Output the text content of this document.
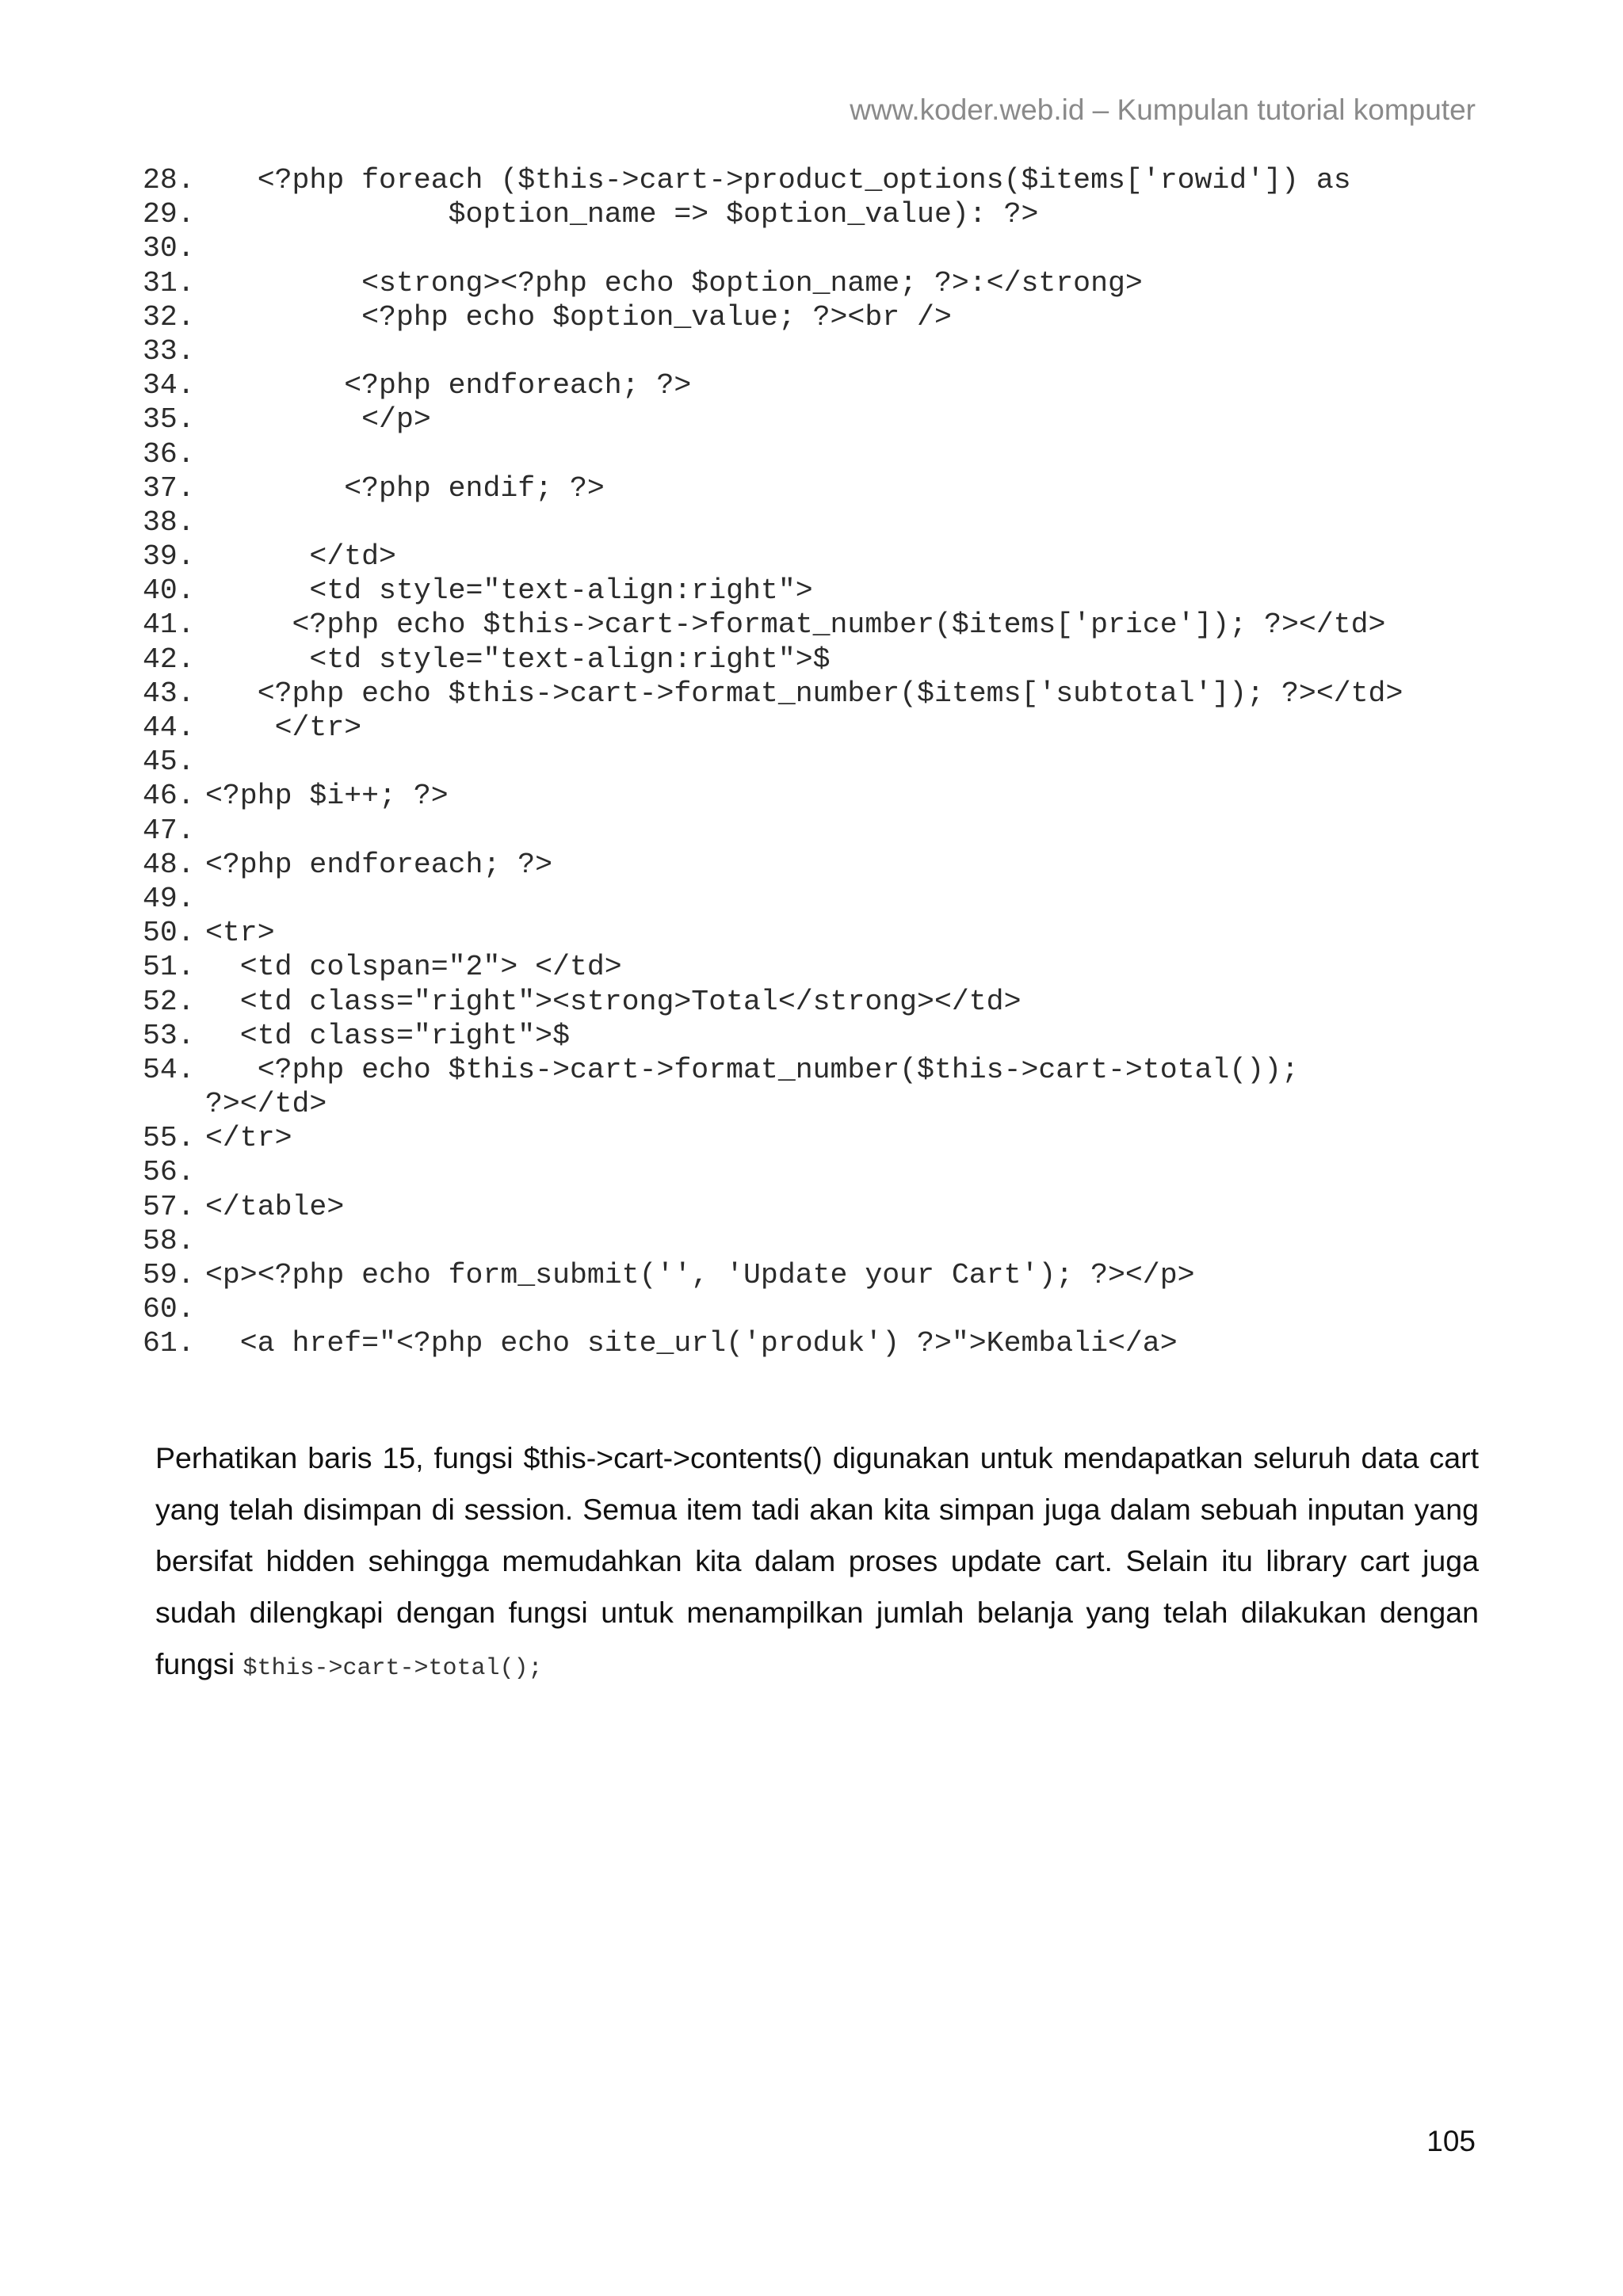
www.koder.web.id – Kumpulan tutorial komputer
28. <?php foreach ($this->cart->product_options($items['rowid']) as
29. $option_name => $option_value): ?>
30.
31. <strong><?php echo $option_name; ?>:</strong>
32. <?php echo $option_value; ?><br />
33.
34. <?php endforeach; ?>
35. </p>
36.
37. <?php endif; ?>
38.
39. </td>
40. <td style="text-align:right">
41. <?php echo $this->cart->format_number($items['price']); ?></td>
42. <td style="text-align:right">$
43. <?php echo $this->cart->format_number($items['subtotal']); ?></td>
44. </tr>
45.
46. <?php $i++; ?>
47.
48. <?php endforeach; ?>
49.
50. <tr>
51. <td colspan="2"> </td>
52. <td class="right"><strong>Total</strong></td>
53. <td class="right">$
54. <?php echo $this->cart->format_number($this->cart->total());
?></td>
55. </tr>
56.
57. </table>
58.
59. <p><?php echo form_submit('', 'Update your Cart'); ?></p>
60.
61. <a href="<?php echo site_url('produk') ?>">Kembali</a>

Perhatikan baris 15, fungsi $this->cart->contents() digunakan untuk mendapatkan seluruh data cart yang telah disimpan di session. Semua item tadi akan kita simpan juga dalam sebuah inputan yang bersifat hidden sehingga memudahkan kita dalam proses update cart. Selain itu library cart juga sudah dilengkapi dengan fungsi untuk menampilkan jumlah belanja yang telah dilakukan dengan fungsi $this->cart->total();

105
